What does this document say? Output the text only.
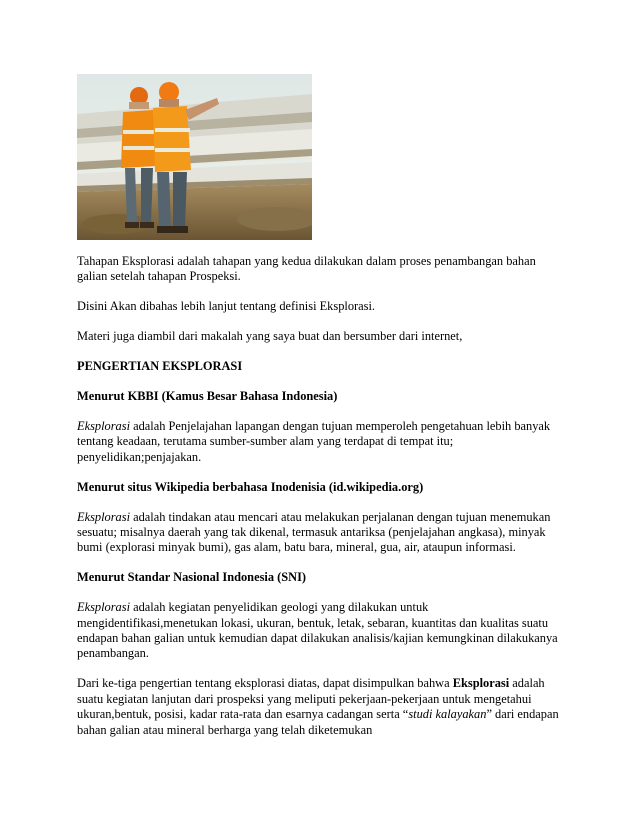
Tahapan Eksplorasi adalah tahapan yang kedua dilakukan dalam proses penambangan bahan galian setelah tahapan Prospeksi.

Disini Akan dibahas lebih lanjut tentang definisi Eksplorasi.

Materi juga diambil dari makalah yang saya buat dan bersumber dari internet,

PENGERTIAN EKSPLORASI
Menurut KBBI (Kamus Besar Bahasa Indonesia)

Eksplorasi adalah Penjelajahan lapangan dengan tujuan memperoleh pengetahuan lebih banyak tentang keadaan, terutama sumber-sumber alam yang terdapat di tempat itu; penyelidikan;penjajakan.

Menurut situs Wikipedia berbahasa Inodenisia (id.wikipedia.org)

Eksplorasi adalah tindakan atau mencari atau melakukan perjalanan dengan tujuan menemukan sesuatu; misalnya daerah yang tak dikenal, termasuk antariksa (penjelajahan angkasa), minyak bumi (explorasi minyak bumi), gas alam, batu bara, mineral, gua, air, ataupun informasi.

Menurut Standar Nasional Indonesia (SNI)

Eksplorasi adalah kegiatan penyelidikan geologi yang dilakukan untuk mengidentifikasi,menetukan lokasi, ukuran, bentuk, letak, sebaran, kuantitas dan kualitas suatu endapan bahan galian untuk kemudian dapat dilakukan analisis/kajian kemungkinan dilakukanya penambangan.

Dari ke-tiga pengertian tentang eksplorasi diatas, dapat disimpulkan bahwa Eksplorasi adalah suatu kegiatan lanjutan dari prospeksi yang meliputi pekerjaan-pekerjaan untuk mengetahui ukuran,bentuk, posisi, kadar rata-rata dan esarnya cadangan serta “studi kalayakan” dari endapan bahan galian atau mineral berharga yang telah diketemukan
